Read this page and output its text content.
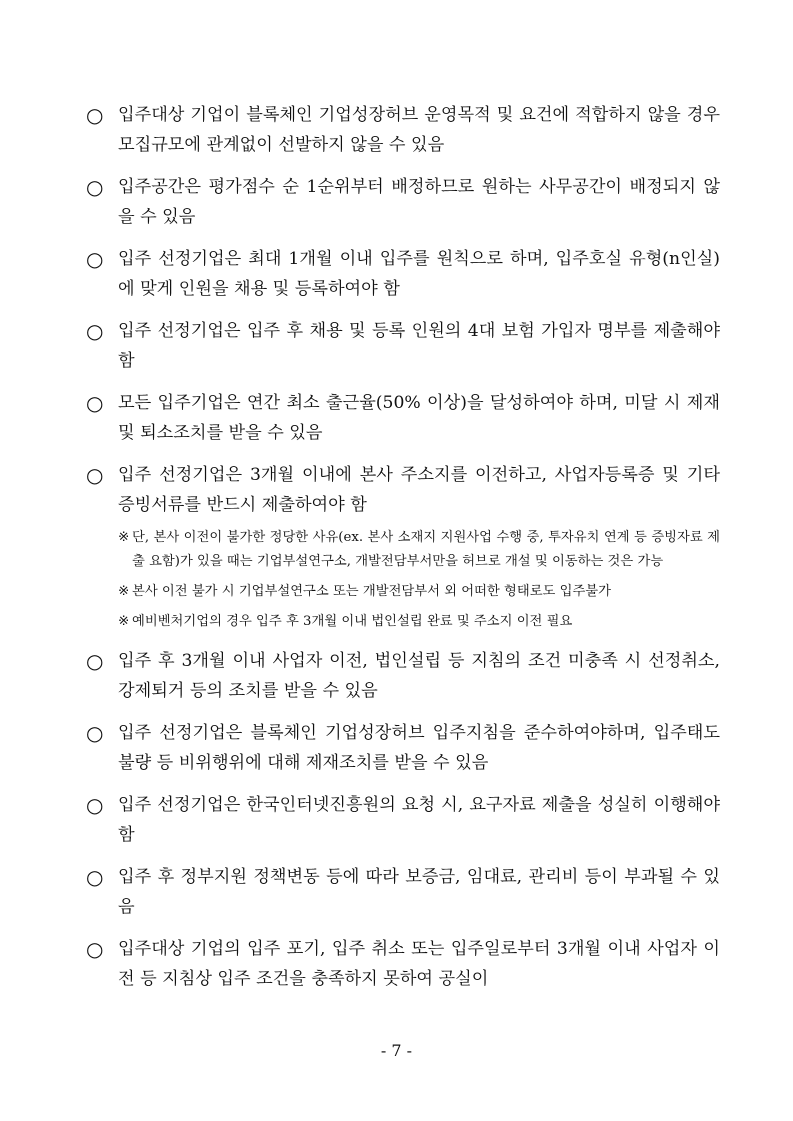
○ 입주대상 기업이 블록체인 기업성장허브 운영목적 및 요건에 적합하지 않을 경우 모집규모에 관계없이 선발하지 않을 수 있음
○ 입주공간은 평가점수 순 1순위부터 배정하므로 원하는 사무공간이 배정되지 않을 수 있음
○ 입주 선정기업은 최대 1개월 이내 입주를 원칙으로 하며, 입주호실 유형(n인실)에 맞게 인원을 채용 및 등록하여야 함
○ 입주 선정기업은 입주 후 채용 및 등록 인원의 4대 보험 가입자 명부를 제출해야 함
○ 모든 입주기업은 연간 최소 출근율(50% 이상)을 달성하여야 하며, 미달 시 제재 및 퇴소조치를 받을 수 있음
○ 입주 선정기업은 3개월 이내에 본사 주소지를 이전하고, 사업자등록증 및 기타 증빙서류를 반드시 제출하여야 함
※ 단, 본사 이전이 불가한 정당한 사유(ex. 본사 소재지 지원사업 수행 중, 투자유치 연계 등 증빙자료 제출 요함)가 있을 때는 기업부설연구소, 개발전담부서만을 허브로 개설 및 이동하는 것은 가능
※ 본사 이전 불가 시 기업부설연구소 또는 개발전담부서 외 어떠한 형태로도 입주불가
※ 예비벤처기업의 경우 입주 후 3개월 이내 법인설립 완료 및 주소지 이전 필요
○ 입주 후 3개월 이내 사업자 이전, 법인설립 등 지침의 조건 미충족 시 선정취소, 강제퇴거 등의 조치를 받을 수 있음
○ 입주 선정기업은 블록체인 기업성장허브 입주지침을 준수하여야하며, 입주태도 불량 등 비위행위에 대해 제재조치를 받을 수 있음
○ 입주 선정기업은 한국인터넷진흥원의 요청 시, 요구자료 제출을 성실히 이행해야 함
○ 입주 후 정부지원 정책변동 등에 따라 보증금, 임대료, 관리비 등이 부과될 수 있음
○ 입주대상 기업의 입주 포기, 입주 취소 또는 입주일로부터 3개월 이내 사업자 이전 등 지침상 입주 조건을 충족하지 못하여 공실이
- 7 -
